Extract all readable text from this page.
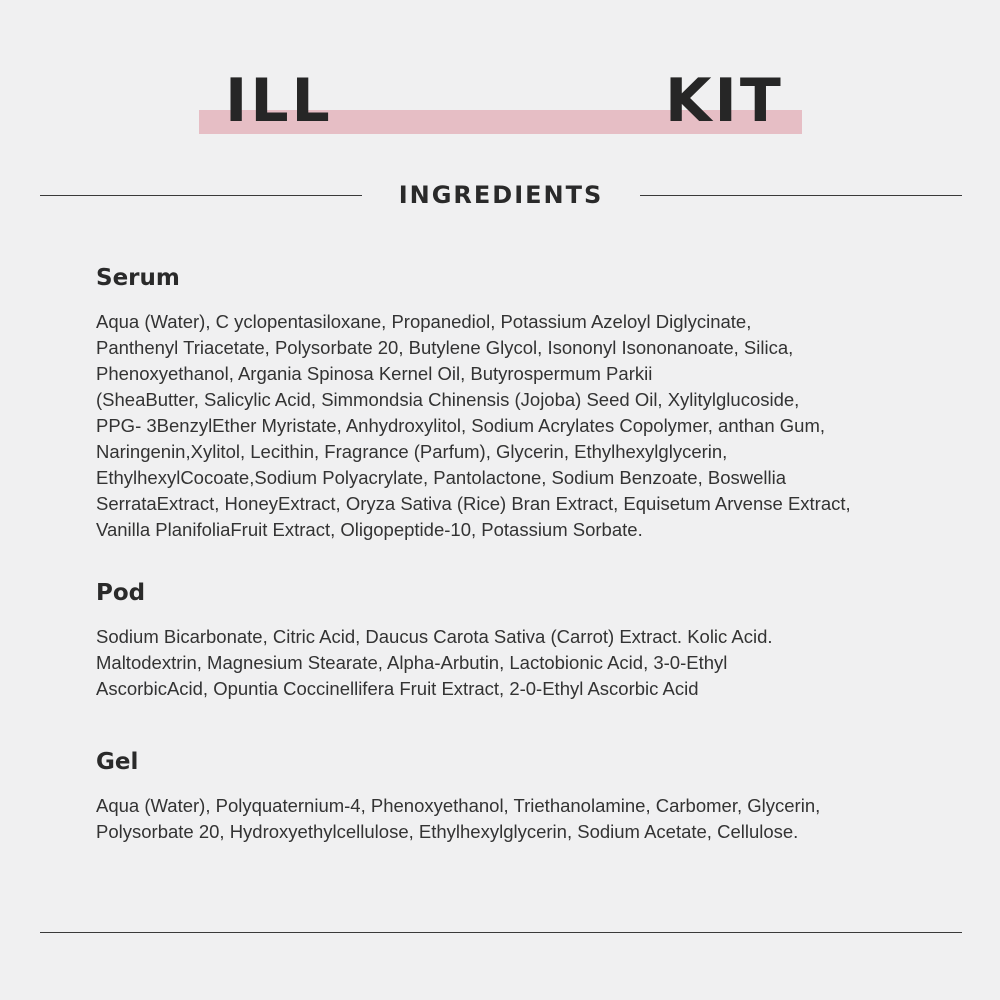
ILL	KIT
INGREDIENTS
Serum

Aqua (Water), C yclopentasiloxane, Propanediol, Potassium Azeloyl Diglycinate,
Panthenyl Triacetate, Polysorbate 20, Butylene Glycol, Isononyl Isononanoate, Silica,
Phenoxyethanol, Argania Spinosa Kernel Oil, Butyrospermum Parkii
(SheaButter, Salicylic Acid, Simmondsia Chinensis (Jojoba) Seed Oil, Xylitylglucoside,
PPG- 3BenzylEther Myristate, Anhydroxylitol, Sodium Acrylates Copolymer, anthan Gum,
Naringenin,Xylitol, Lecithin, Fragrance (Parfum), Glycerin, Ethylhexylglycerin,
EthylhexylCocoate,Sodium Polyacrylate, Pantolactone, Sodium Benzoate, Boswellia
SerrataExtract, HoneyExtract, Oryza Sativa (Rice) Bran Extract, Equisetum Arvense Extract,
Vanilla PlanifoliaFruit Extract, Oligopeptide-10, Potassium Sorbate.

Pod

Sodium Bicarbonate, Citric Acid, Daucus Carota Sativa (Carrot) Extract. Kolic Acid.
Maltodextrin, Magnesium Stearate, Alpha-Arbutin, Lactobionic Acid, 3-0-Ethyl
AscorbicAcid, Opuntia Coccinellifera Fruit Extract, 2-0-Ethyl Ascorbic Acid

Gel

Aqua (Water), Polyquaternium-4, Phenoxyethanol, Triethanolamine, Carbomer, Glycerin,
Polysorbate 20, Hydroxyethylcellulose, Ethylhexylglycerin, Sodium Acetate, Cellulose.
